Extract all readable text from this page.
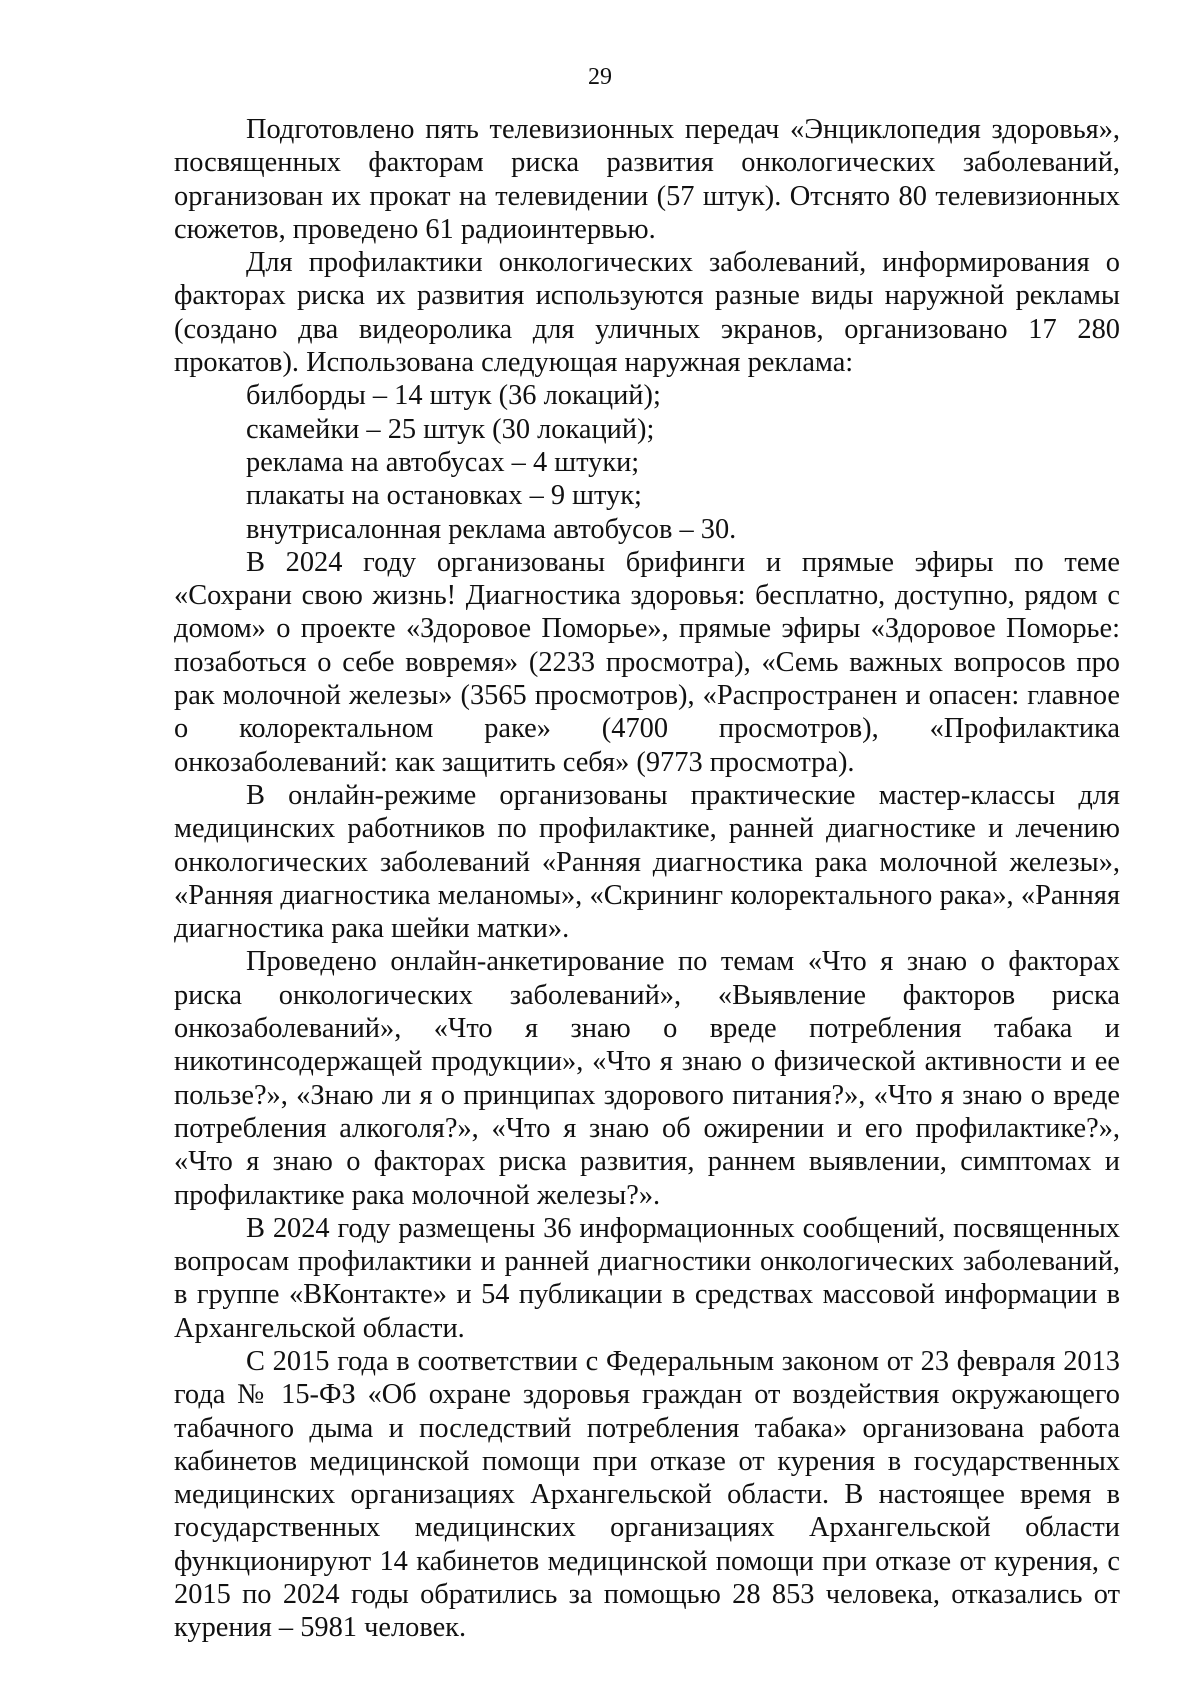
29

Подготовлено пять телевизионных передач «Энциклопедия здоровья», посвященных факторам риска развития онкологических заболеваний, организован их прокат на телевидении (57 штук). Отснято 80 телевизионных сюжетов, проведено 61 радиоинтервью.

Для профилактики онкологических заболеваний, информирования о факторах риска их развития используются разные виды наружной рекламы (создано два видеоролика для уличных экранов, организовано 17 280 прокатов). Использована следующая наружная реклама:

билборды – 14 штук (36 локаций);
скамейки – 25 штук (30 локаций);
реклама на автобусах – 4 штуки;
плакаты на остановках – 9 штук;
внутрисалонная реклама автобусов – 30.

В 2024 году организованы брифинги и прямые эфиры по теме «Сохрани свою жизнь! Диагностика здоровья: бесплатно, доступно, рядом с домом» о проекте «Здоровое Поморье», прямые эфиры «Здоровое Поморье: позаботься о себе вовремя» (2233 просмотра), «Семь важных вопросов про рак молочной железы» (3565 просмотров), «Распространен и опасен: главное о колоректальном раке» (4700 просмотров), «Профилактика онкозаболеваний: как защитить себя» (9773 просмотра).

В онлайн-режиме организованы практические мастер-классы для медицинских работников по профилактике, ранней диагностике и лечению онкологических заболеваний «Ранняя диагностика рака молочной железы», «Ранняя диагностика меланомы», «Скрининг колоректального рака», «Ранняя диагностика рака шейки матки».

Проведено онлайн-анкетирование по темам «Что я знаю о факторах риска онкологических заболеваний», «Выявление факторов риска онкозаболеваний», «Что я знаю о вреде потребления табака и никотинсодержащей продукции», «Что я знаю о физической активности и ее пользе?», «Знаю ли я о принципах здорового питания?», «Что я знаю о вреде потребления алкоголя?», «Что я знаю об ожирении и его профилактике?», «Что я знаю о факторах риска развития, раннем выявлении, симптомах и профилактике рака молочной железы?».

В 2024 году размещены 36 информационных сообщений, посвященных вопросам профилактики и ранней диагностики онкологических заболеваний, в группе «ВКонтакте» и 54 публикации в средствах массовой информации в Архангельской области.

С 2015 года в соответствии с Федеральным законом от 23 февраля 2013 года № 15-ФЗ «Об охране здоровья граждан от воздействия окружающего табачного дыма и последствий потребления табака» организована работа кабинетов медицинской помощи при отказе от курения в государственных медицинских организациях Архангельской области. В настоящее время в государственных медицинских организациях Архангельской области функционируют 14 кабинетов медицинской помощи при отказе от курения, с 2015 по 2024 годы обратились за помощью 28 853 человека, отказались от курения – 5981 человек.
